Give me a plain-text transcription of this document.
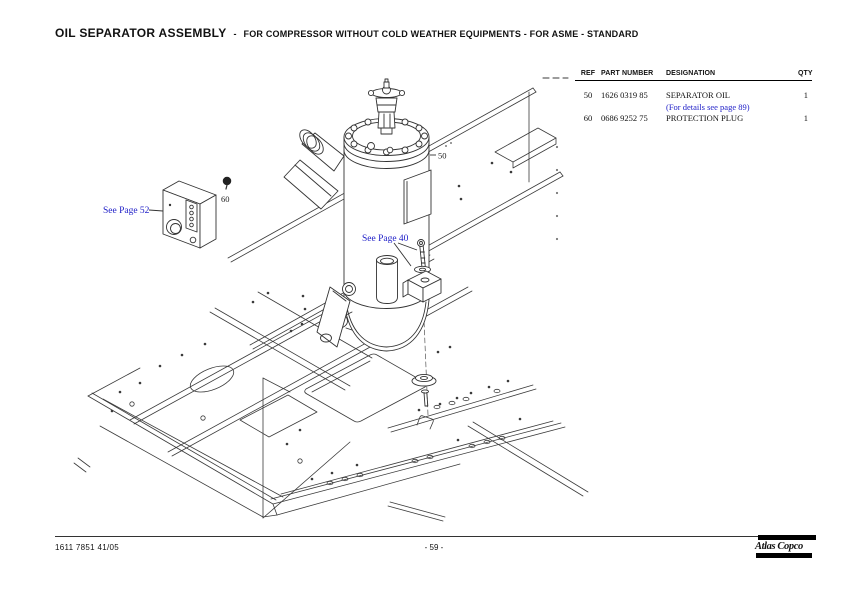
50
60
See Page 52
See Page 40
OIL SEPARATOR ASSEMBLY - FOR COMPRESSOR WITHOUT COLD WEATHER EQUIPMENTS - FOR ASME - STANDARD
REF PART NUMBER	DESIGNATION	QTY
50	1626 0319 85	SEPARATOR OIL	1
(For details see page 89)
60	0686 9252 75	PROTECTION PLUG	1
1611 7851 41/05	- 59 -	Atlas Copco
